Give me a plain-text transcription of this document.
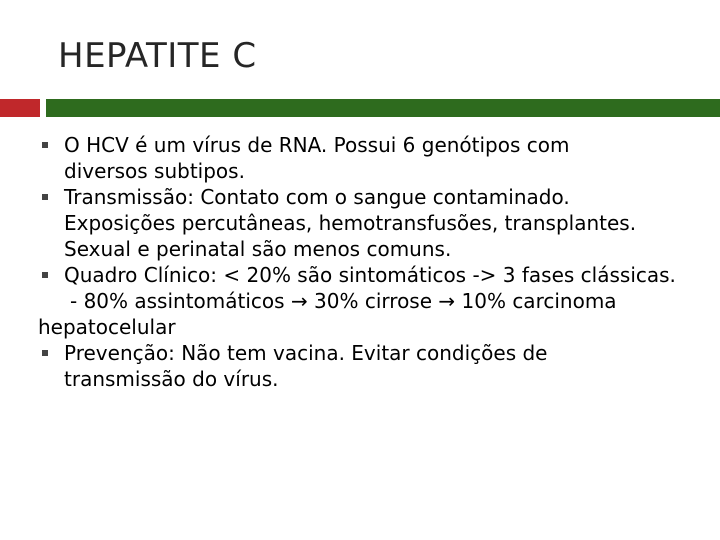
HEPATITE C
O HCV é um vírus de RNA. Possui 6 genótipos com
diversos subtipos.
Transmissão: Contato com o sangue contaminado.
Exposições percutâneas, hemotransfusões, transplantes.
Sexual e perinatal são menos comuns.
Quadro Clínico: < 20% são sintomáticos -> 3 fases clássicas.
- 80% assintomáticos → 30% cirrose → 10% carcinoma
hepatocelular
Prevenção: Não tem vacina. Evitar condições de
transmissão do vírus.
